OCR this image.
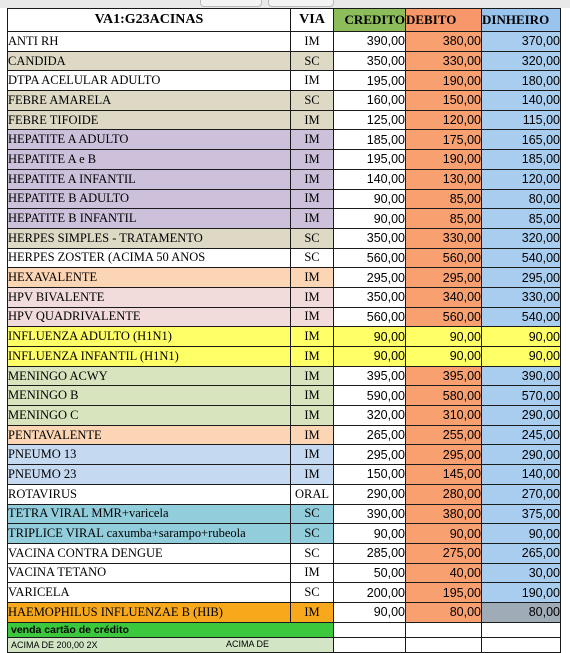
VA1:G23ACINAS	VIA	CREDITO	DEBITO	DINHEIRO
ANTI RH	IM	390,00	380,00	370,00
CANDIDA	SC	350,00	330,00	320,00
DTPA ACELULAR ADULTO	IM	195,00	190,00	180,00
FEBRE AMARELA	SC	160,00	150,00	140,00
FEBRE TIFOIDE	IM	125,00	120,00	115,00
HEPATITE A ADULTO	IM	185,00	175,00	165,00
HEPATITE A e B	IM	195,00	190,00	185,00
HEPATITE A INFANTIL	IM	140,00	130,00	120,00
HEPATITE B ADULTO	IM	90,00	85,00	80,00
HEPATITE B INFANTIL	IM	90,00	85,00	85,00
HERPES SIMPLES - TRATAMENTO	SC	350,00	330,00	320,00
HERPES ZOSTER (ACIMA 50 ANOS	SC	560,00	560,00	540,00
HEXAVALENTE	IM	295,00	295,00	295,00
HPV BIVALENTE	IM	350,00	340,00	330,00
HPV QUADRIVALENTE	IM	560,00	560,00	540,00
INFLUENZA ADULTO (H1N1)	IM	90,00	90,00	90,00
INFLUENZA INFANTIL (H1N1)	IM	90,00	90,00	90,00
MENINGO ACWY	IM	395,00	395,00	390,00
MENINGO B	IM	590,00	580,00	570,00
MENINGO C	IM	320,00	310,00	290,00
PENTAVALENTE	IM	265,00	255,00	245,00
PNEUMO 13	IM	295,00	295,00	290,00
PNEUMO 23	IM	150,00	145,00	140,00
ROTAVIRUS	ORAL	290,00	280,00	270,00
TETRA VIRAL MMR+varicela	SC	390,00	380,00	375,00
TRIPLICE VIRAL caxumba+sarampo+rubeola	SC	90,00	90,00	90,00
VACINA CONTRA DENGUE	SC	285,00	275,00	265,00
VACINA TETANO	IM	50,00	40,00	30,00
VARICELA	SC	200,00	195,00	190,00
HAEMOPHILUS INFLUENZAE B (HIB)	IM	90,00	80,00	80,00
venda cartão de crédito				
ACIMA DE 200,00 2X ACIMA DE				
